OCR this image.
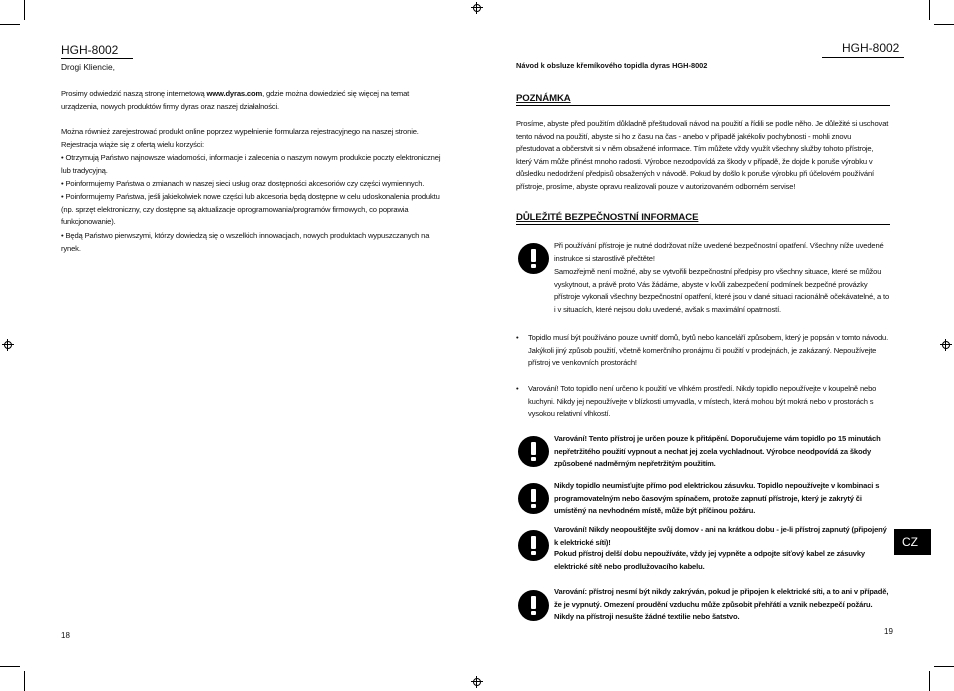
HGH-8002
Drogi Kliencie,
Prosimy odwiedzić naszą stronę internetową www.dyras.com, gdzie można dowiedzieć się więcej na temat urządzenia, nowych produktów firmy dyras oraz naszej działalności.
Można również zarejestrować produkt online poprzez wypełnienie formularza rejestracyjnego na naszej stronie. Rejestracja wiąże się z ofertą wielu korzyści:
• Otrzymują Państwo najnowsze wiadomości, informacje i zalecenia o naszym nowym produkcie poczty elektronicznej lub tradycyjną.
• Poinformujemy Państwa o zmianach w naszej sieci usług oraz dostępności akcesoriów czy części wymiennych.
• Poinformujemy Państwa, jeśli jakiekolwiek nowe części lub akcesoria będą dostępne w celu udoskonalenia produktu (np. sprzęt elektroniczny, czy dostępne są aktualizacje oprogramowania/programów firmowych, co poprawia funkcjonowanie).
• Będą Państwo pierwszymi, którzy dowiedzą się o wszelkich innowacjach, nowych produktach wypuszczanych na rynek.
18
HGH-8002
Návod k obsluze křemíkového topidla dyras HGH-8002
POZNÁMKA
Prosíme, abyste před použitím důkladně přeštudovali návod na použití a řídili se podle něho. Je důležité si uschovat tento návod na použití, abyste si ho z času na čas - anebo v případě jakékoliv pochybnosti - mohli znovu přestudovat a občerstvit si v něm obsažené informace. Tím můžete vždy využít všechny služby tohoto přístroje, který Vám může přinést mnoho radosti. Výrobce nezodpovídá za škody v případě, že dojde k poruše výrobku v důsledku nedodržení předpisů obsažených v návodě. Pokud by došlo k poruše výrobku při účelovém používání přístroje, prosíme, abyste opravu realizovali pouze v autorizovaném odborném servise!
DŮLEŽITÉ BEZPEČNOSTNÍ INFORMACE
Při používání přístroje je nutné dodržovat níže uvedené bezpečnostní opatření. Všechny níže uvedené instrukce si starostlivě přečtěte!
Samozřejmě není možné, aby se vytvořili bezpečnostní předpisy pro všechny situace, které se můžou vyskytnout, a právě proto Vás žádáme, abyste v kvůli zabezpečení podmínek bezpečné provázky přístroje vykonali všechny bezpečnostní opatření, které jsou v dané situaci racionálně očekávatelné, a to i v situacích, které nejsou dolu uvedené, avšak s maximální opatrností.
• Topidlo musí být používáno pouze uvnitř domů, bytů nebo kanceláří způsobem, který je popsán v tomto návodu. Jakýkoli jiný způsob použití, včetně komerčního pronájmu či použití v prodejnách, je zakázaný. Nepoužívejte přístroj ve venkovních prostorách!
• Varování! Toto topidlo není určeno k použití ve vlhkém prostředí. Nikdy topidlo nepoužívejte v koupelně nebo kuchyni. Nikdy jej nepoužívejte v blízkosti umyvadla, v místech, která mohou být mokrá nebo v prostorách s vysokou relativní vlhkostí.
Varování! Tento přístroj je určen pouze k přitápění. Doporučujeme vám topidlo po 15 minutách nepřetržitého použití vypnout a nechat jej zcela vychladnout. Výrobce neodpovídá za škody způsobené nadměrným nepřetržitým použitím.
Nikdy topidlo neumisťujte přímo pod elektrickou zásuvku. Topidlo nepoužívejte v kombinaci s programovatelným nebo časovým spínačem, protože zapnutí přístroje, který je zakrytý či umístěný na nevhodném místě, může být příčinou požáru.
Varování! Nikdy neopouštějte svůj domov - ani na krátkou dobu - je-li přístroj zapnutý (připojený k elektrické síti)!
Pokud přístroj delší dobu nepoužíváte, vždy jej vypněte a odpojte síťový kabel ze zásuvky elektrické sítě nebo prodlužovacího kabelu.
Varování: přístroj nesmí být nikdy zakrýván, pokud je připojen k elektrické síti, a to ani v případě, že je vypnutý. Omezení proudění vzduchu může způsobit přehřátí a vznik nebezpečí požáru. Nikdy na přístroji nesušte žádné textilie nebo šatstvo.
CZ
19
